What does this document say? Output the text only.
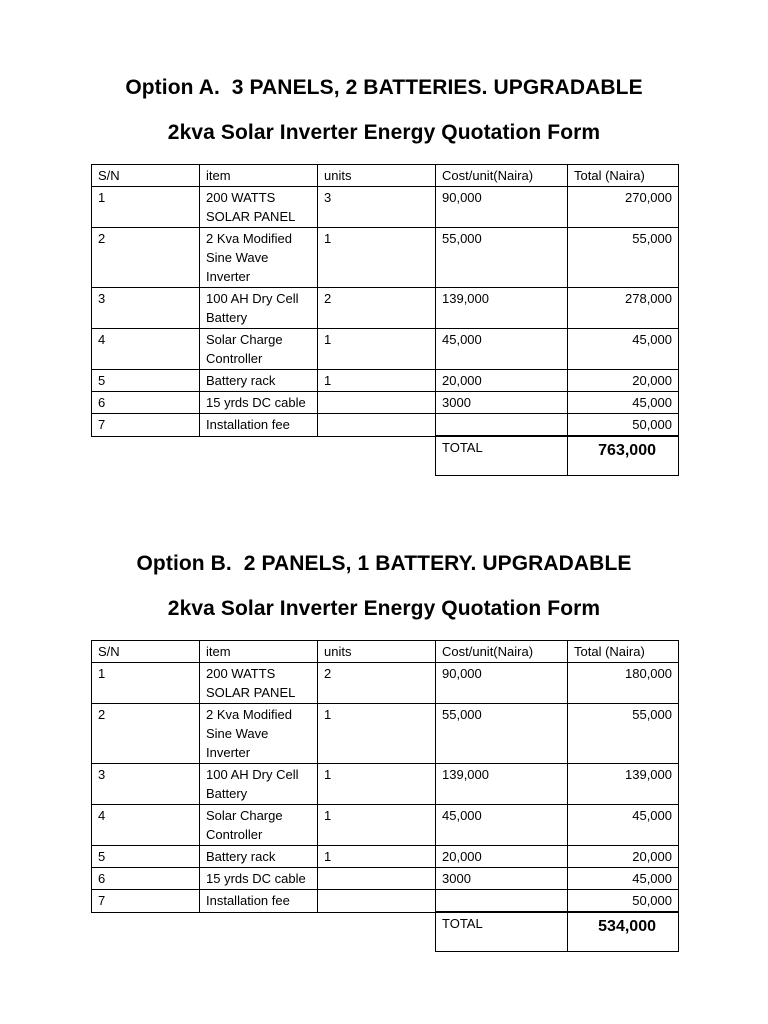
Option A.  3 PANELS, 2 BATTERIES. UPGRADABLE
2kva Solar Inverter Energy Quotation Form
S/N	item	units	Cost/unit(Naira)	Total (Naira)
1	200 WATTS
SOLAR PANEL	3	90,000	270,000
2	2 Kva Modified
Sine Wave
Inverter	1	55,000	55,000
3	100 AH Dry Cell
Battery	2	139,000	278,000
4	Solar Charge
Controller	1	45,000	45,000
5	Battery rack	1	20,000	20,000
6	15 yrds DC cable		3000	45,000
7	Installation fee			50,000
			TOTAL	763,000
Option B.  2 PANELS, 1 BATTERY. UPGRADABLE
2kva Solar Inverter Energy Quotation Form
S/N	item	units	Cost/unit(Naira)	Total (Naira)
1	200 WATTS
SOLAR PANEL	2	90,000	180,000
2	2 Kva Modified
Sine Wave
Inverter	1	55,000	55,000
3	100 AH Dry Cell
Battery	1	139,000	139,000
4	Solar Charge
Controller	1	45,000	45,000
5	Battery rack	1	20,000	20,000
6	15 yrds DC cable		3000	45,000
7	Installation fee			50,000
			TOTAL	534,000
